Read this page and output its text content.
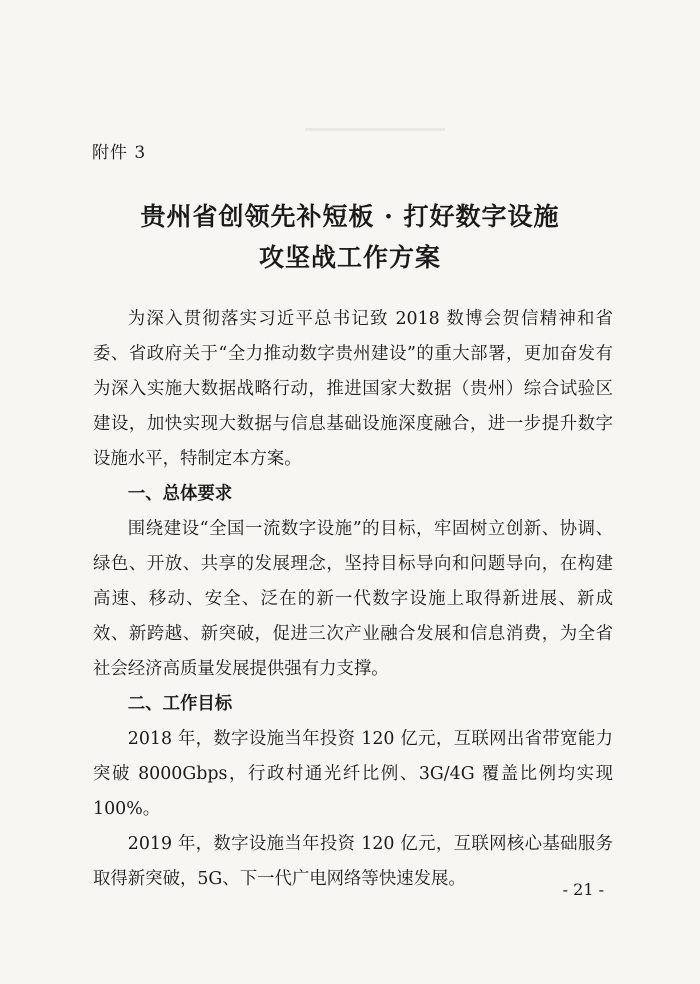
附件 3
贵州省创领先补短板 · 打好数字设施
攻坚战工作方案

为深入贯彻落实习近平总书记致 2018 数博会贺信精神和省委、省政府关于“全力推动数字贵州建设”的重大部署，更加奋发有为深入实施大数据战略行动，推进国家大数据（贵州）综合试验区建设，加快实现大数据与信息基础设施深度融合，进一步提升数字设施水平，特制定本方案。

一、总体要求

围绕建设“全国一流数字设施”的目标，牢固树立创新、协调、绿色、开放、共享的发展理念，坚持目标导向和问题导向，在构建高速、移动、安全、泛在的新一代数字设施上取得新进展、新成效、新跨越、新突破，促进三次产业融合发展和信息消费，为全省社会经济高质量发展提供强有力支撑。

二、工作目标

2018 年，数字设施当年投资 120 亿元，互联网出省带宽能力突破 8000Gbps，行政村通光纤比例、3G/4G 覆盖比例均实现 100%。

2019 年，数字设施当年投资 120 亿元，互联网核心基础服务取得新突破，5G、下一代广电网络等快速发展。

- 21 -
